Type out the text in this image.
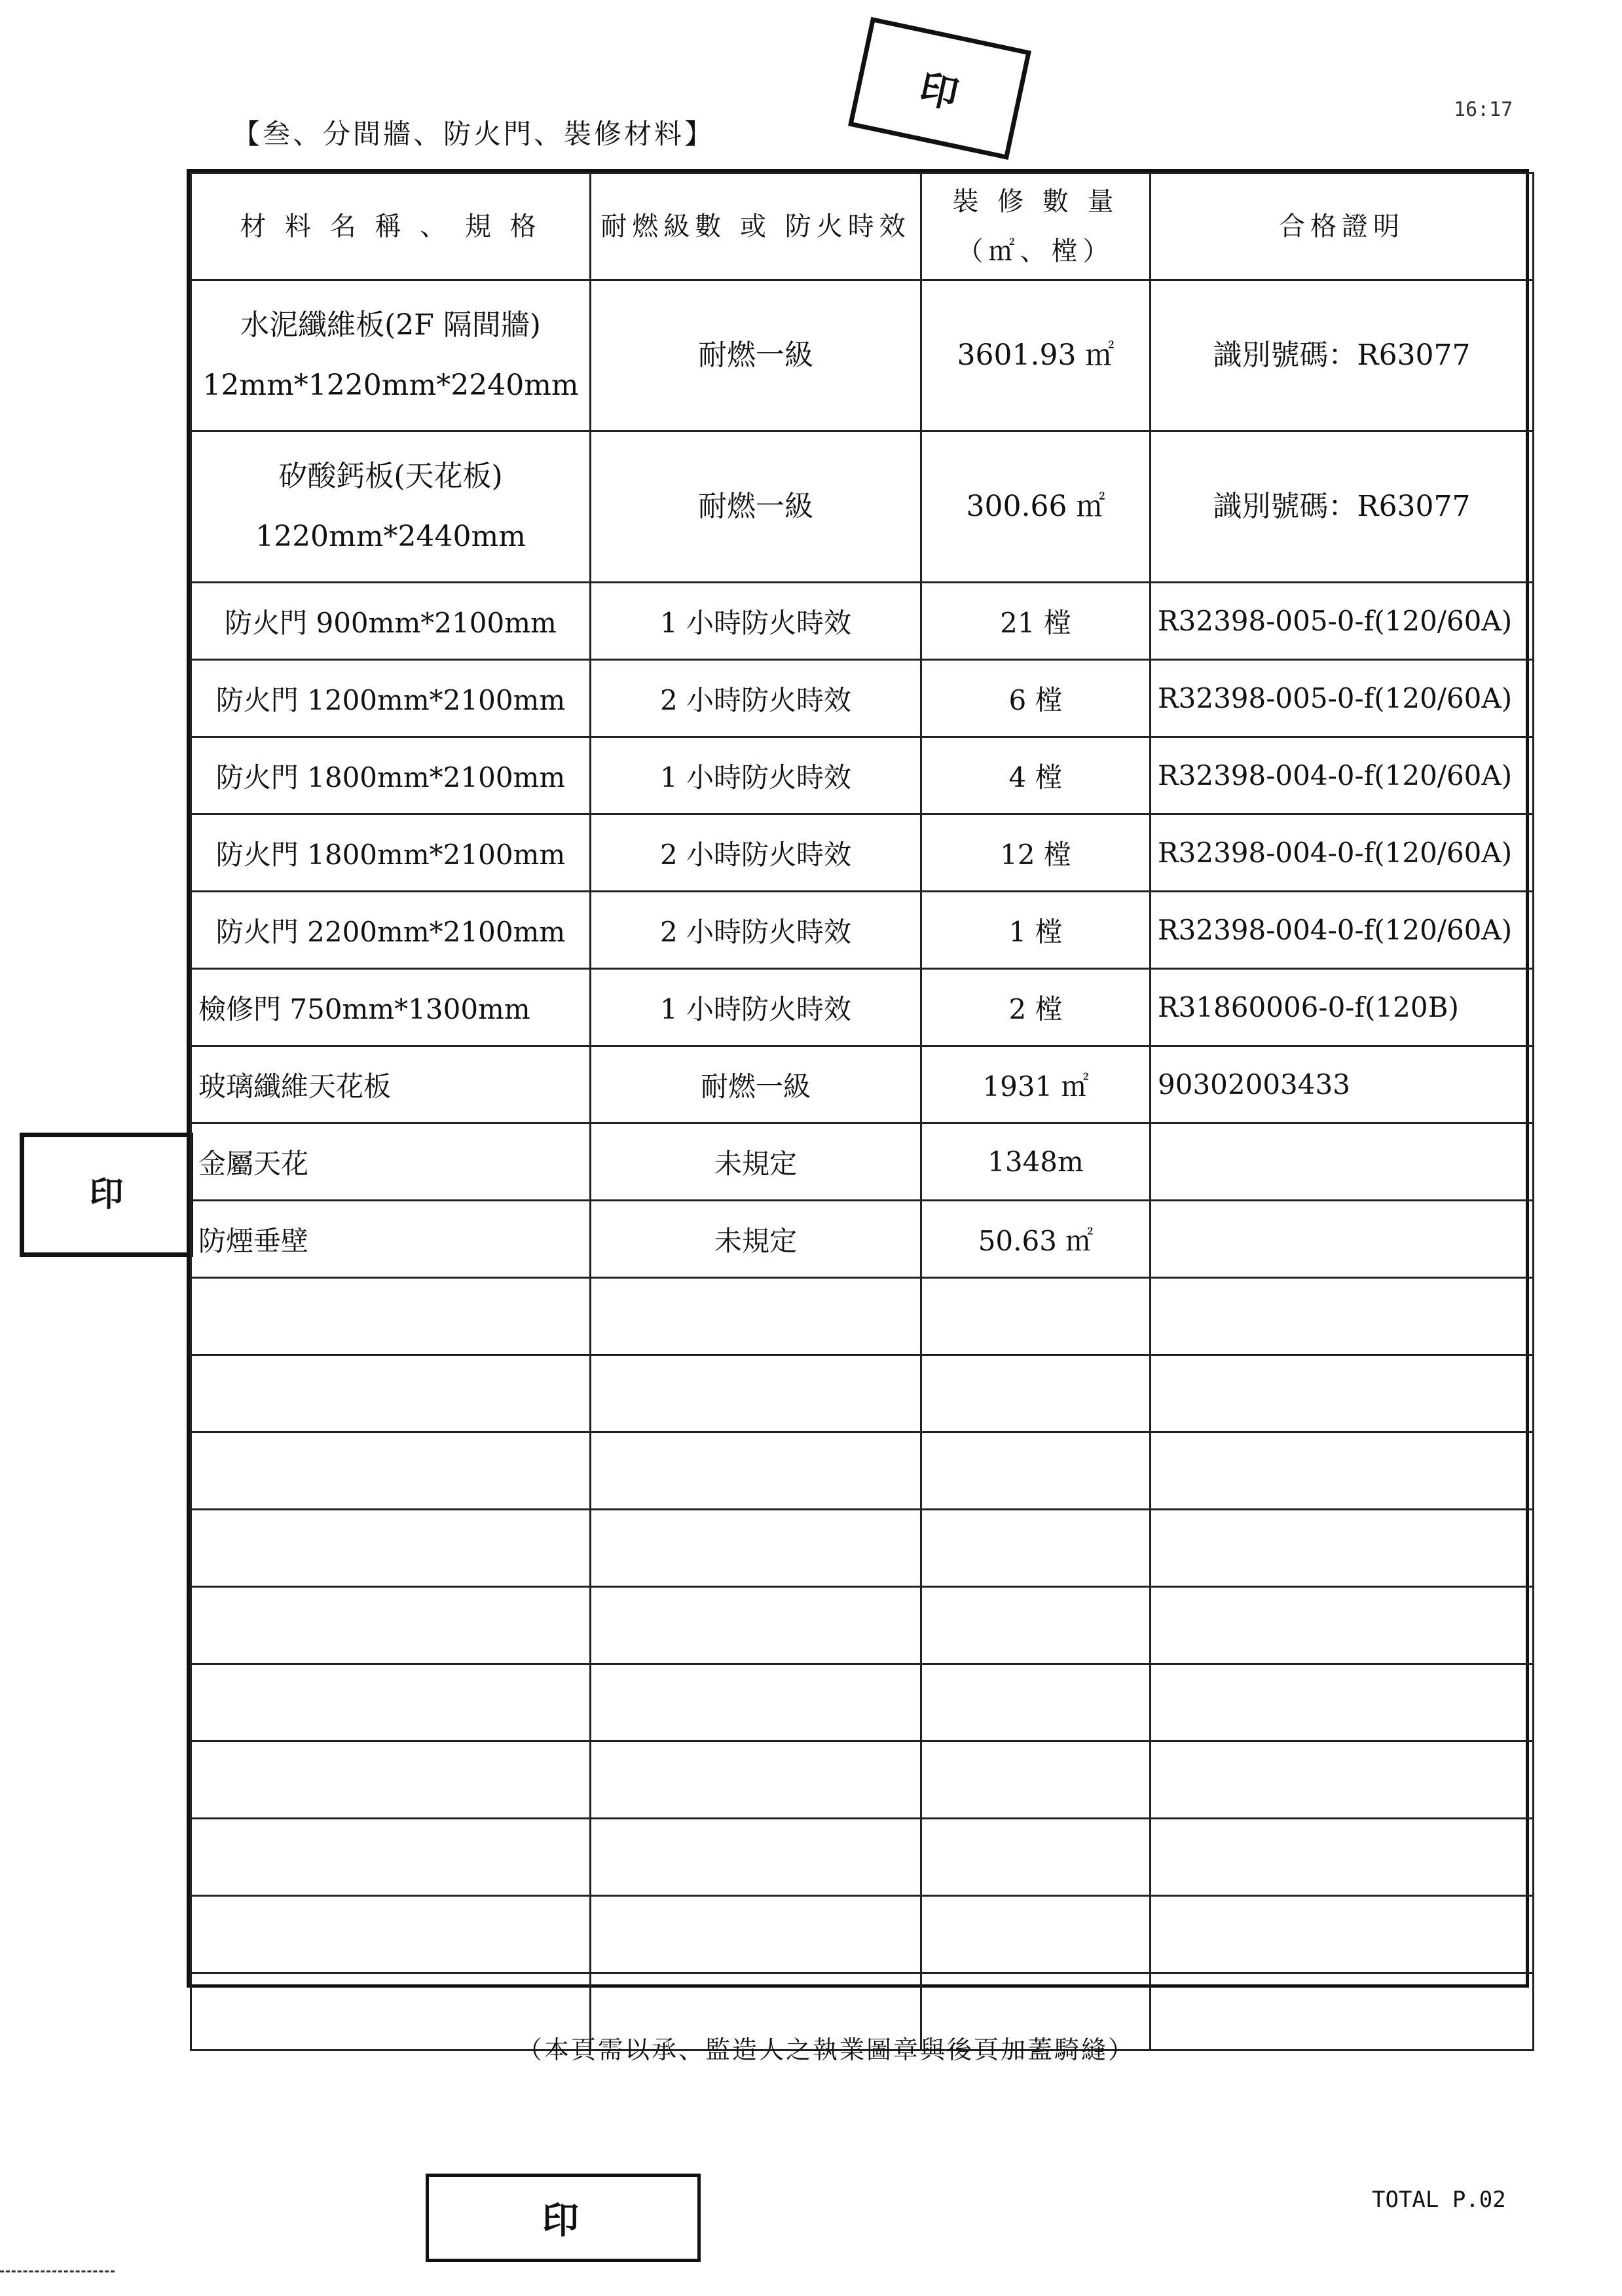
【叁、分間牆、防火門、裝修材料】
16:17
印
印
材 料 名 稱 、 規 格	耐燃級數 或 防火時效	裝 修 數 量（㎡、樘）	合格證明

水泥纖維板(2F 隔間牆)
12mm*1220mm*2240mm	耐燃一級	3601.93 ㎡	識別號碼：R63077

矽酸鈣板(天花板)
1220mm*2440mm	耐燃一級	300.66 ㎡	識別號碼：R63077
防火門 900mm*2100mm	1 小時防火時效	21 樘	R32398-005-0-f(120/60A)
防火門 1200mm*2100mm	2 小時防火時效	6 樘	R32398-005-0-f(120/60A)
防火門 1800mm*2100mm	1 小時防火時效	4 樘	R32398-004-0-f(120/60A)
防火門 1800mm*2100mm	2 小時防火時效	12 樘	R32398-004-0-f(120/60A)
防火門 2200mm*2100mm	2 小時防火時效	1 樘	R32398-004-0-f(120/60A)
檢修門 750mm*1300mm	1 小時防火時效	2 樘	R31860006-0-f(120B)
玻璃纖維天花板	耐燃一級	1931 ㎡	90302003433
金屬天花	未規定	1348m	
防煙垂壁	未規定	50.63 ㎡	

（本頁需以承、監造人之執業圖章與後頁加蓋騎縫）
印	TOTAL P.02
